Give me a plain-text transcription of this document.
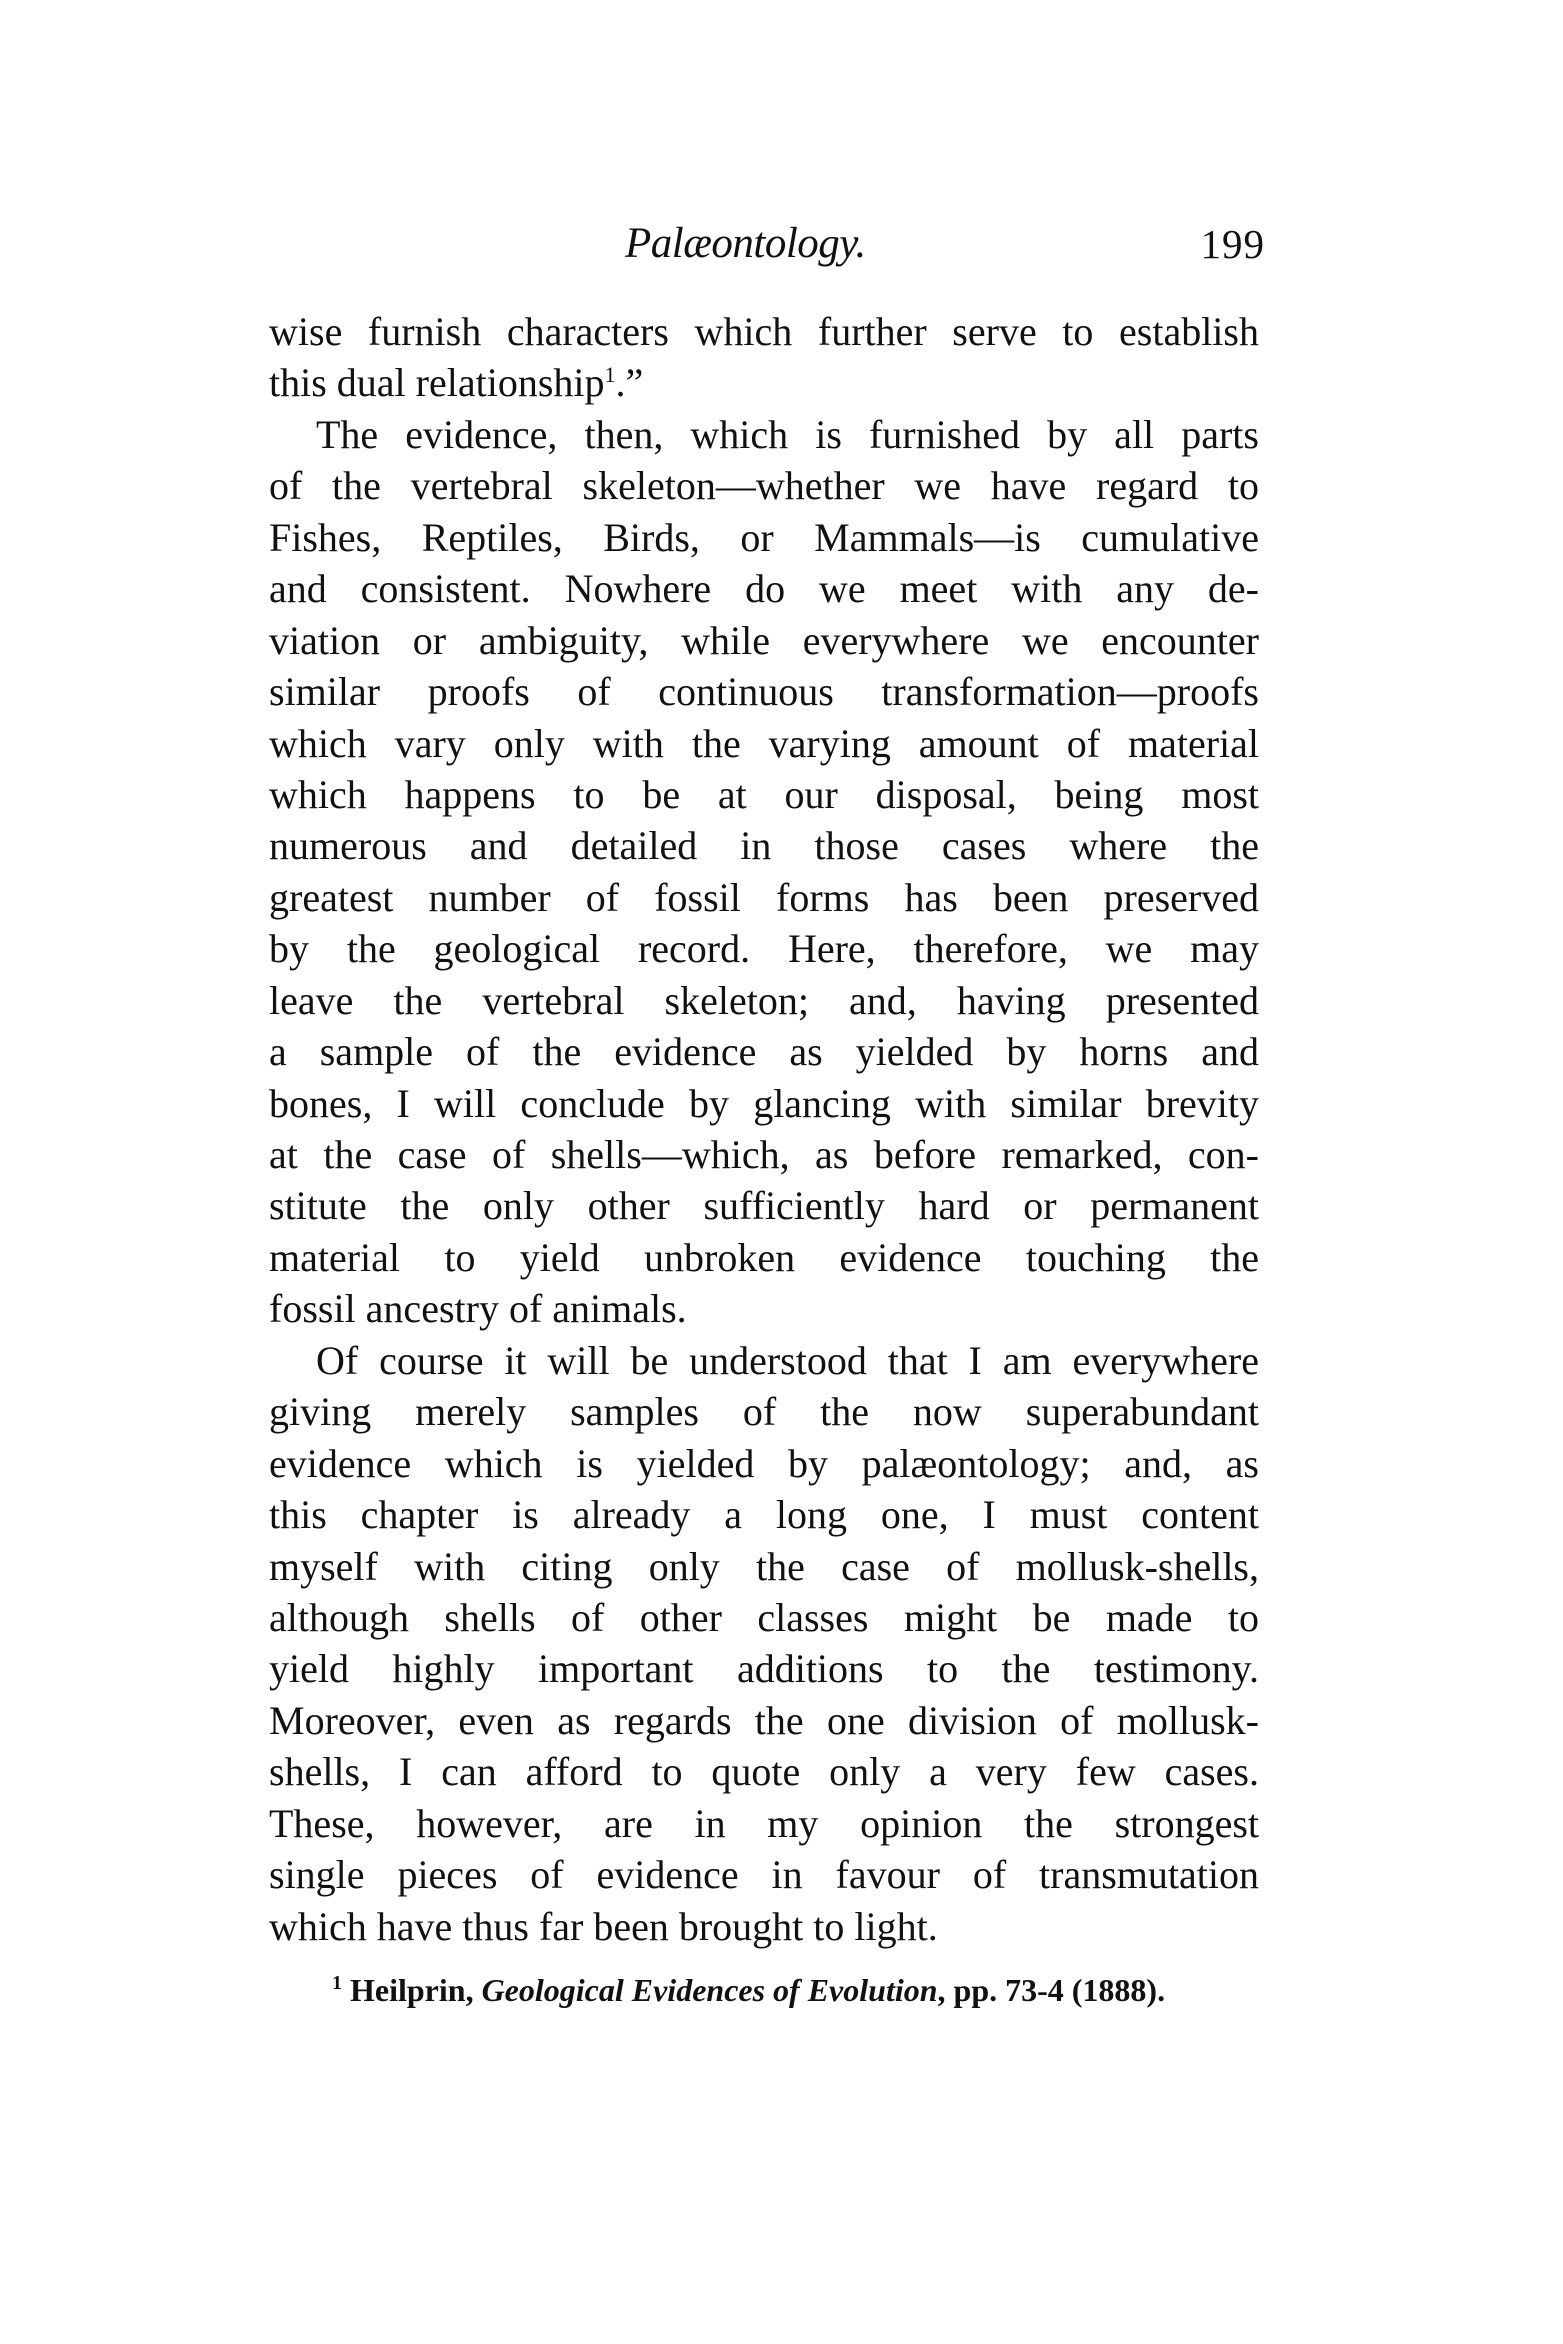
Palæontology.	199
wise furnish characters which further serve to establish
this dual relationship$^1$.”
The evidence, then, which is furnished by all parts
of the vertebral skeleton—whether we have regard to
Fishes, Reptiles, Birds, or Mammals—is cumulative
and consistent. Nowhere do we meet with any de-
viation or ambiguity, while everywhere we encounter
similar proofs of continuous transformation—proofs
which vary only with the varying amount of material
which happens to be at our disposal, being most
numerous and detailed in those cases where the
greatest number of fossil forms has been preserved
by the geological record. Here, therefore, we may
leave the vertebral skeleton; and, having presented
a sample of the evidence as yielded by horns and
bones, I will conclude by glancing with similar brevity
at the case of shells—which, as before remarked, con-
stitute the only other sufficiently hard or permanent
material to yield unbroken evidence touching the
fossil ancestry of animals.
Of course it will be understood that I am everywhere
giving merely samples of the now superabundant
evidence which is yielded by palæontology; and, as
this chapter is already a long one, I must content
myself with citing only the case of mollusk-shells,
although shells of other classes might be made to
yield highly important additions to the testimony.
Moreover, even as regards the one division of mollusk-
shells, I can afford to quote only a very few cases.
These, however, are in my opinion the strongest
single pieces of evidence in favour of transmutation
which have thus far been brought to light.
$^1$ Heilprin, Geological Evidences of Evolution, pp. 73-4 (1888).
